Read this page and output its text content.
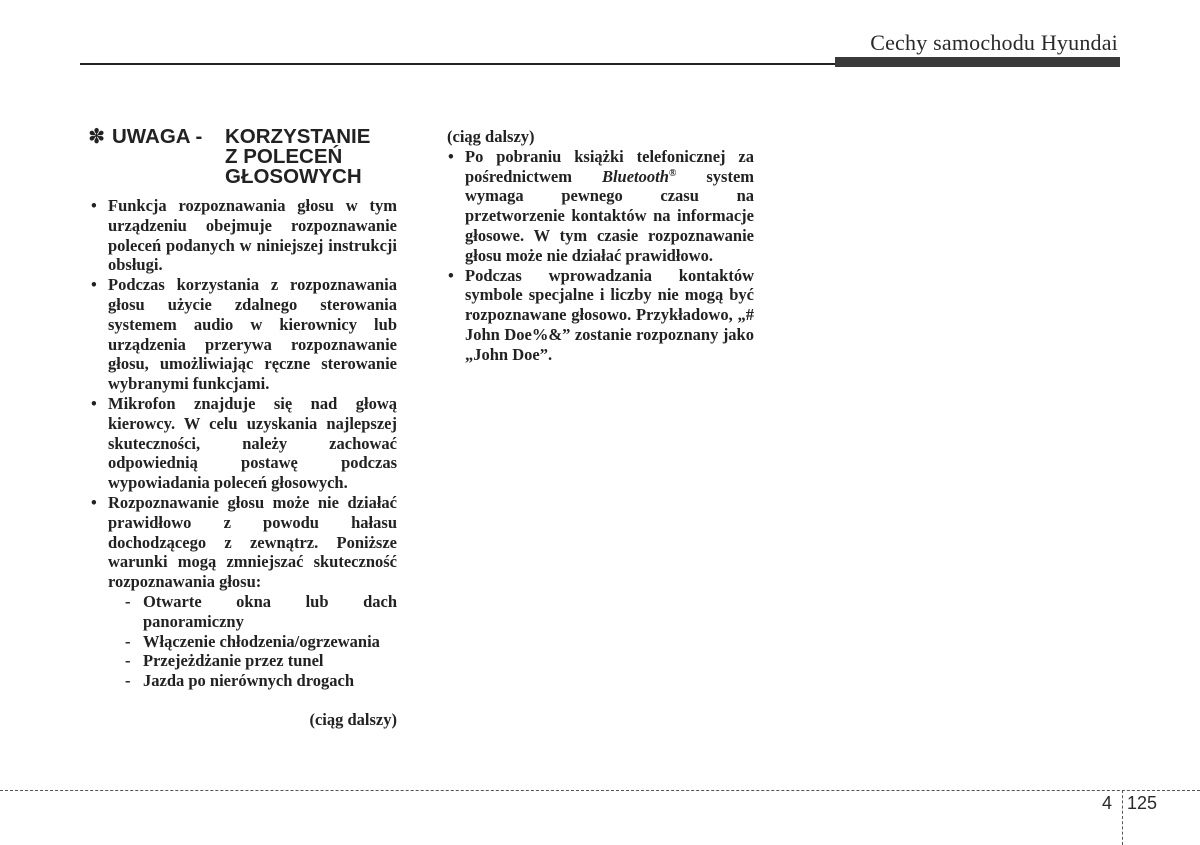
Cechy samochodu Hyundai
✽ UWAGA - KORZYSTANIE
Z POLECEŃ
GŁOSOWYCH
• Funkcja rozpoznawania głosu w tym urządzeniu obejmuje rozpoznawanie poleceń podanych w niniejszej instrukcji obsługi.
• Podczas korzystania z rozpoznawania głosu użycie zdalnego sterowania systemem audio w kierownicy lub urządzenia przerywa rozpoznawanie głosu, umożliwiając ręczne sterowanie wybranymi funkcjami.
• Mikrofon znajduje się nad głową kierowcy. W celu uzyskania najlepszej skuteczności, należy zachować odpowiednią postawę podczas wypowiadania poleceń głosowych.
• Rozpoznawanie głosu może nie działać prawidłowo z powodu hałasu dochodzącego z zewnątrz. Poniższe warunki mogą zmniejszać skuteczność rozpoznawania głosu:
- Otwarte okna lub dach panoramiczny
- Włączenie chłodzenia/ogrzewania
- Przejeżdżanie przez tunel
- Jazda po nierównych drogach
(ciąg dalszy)
(ciąg dalszy)
• Po pobraniu książki telefonicznej za pośrednictwem Bluetooth® system wymaga pewnego czasu na przetworzenie kontaktów na informacje głosowe. W tym czasie rozpoznawanie głosu może nie działać prawidłowo.
• Podczas wprowadzania kontaktów symbole specjalne i liczby nie mogą być rozpoznawane głosowo. Przykładowo, „# John Doe%&” zostanie rozpoznany jako „John Doe”.
4 125
